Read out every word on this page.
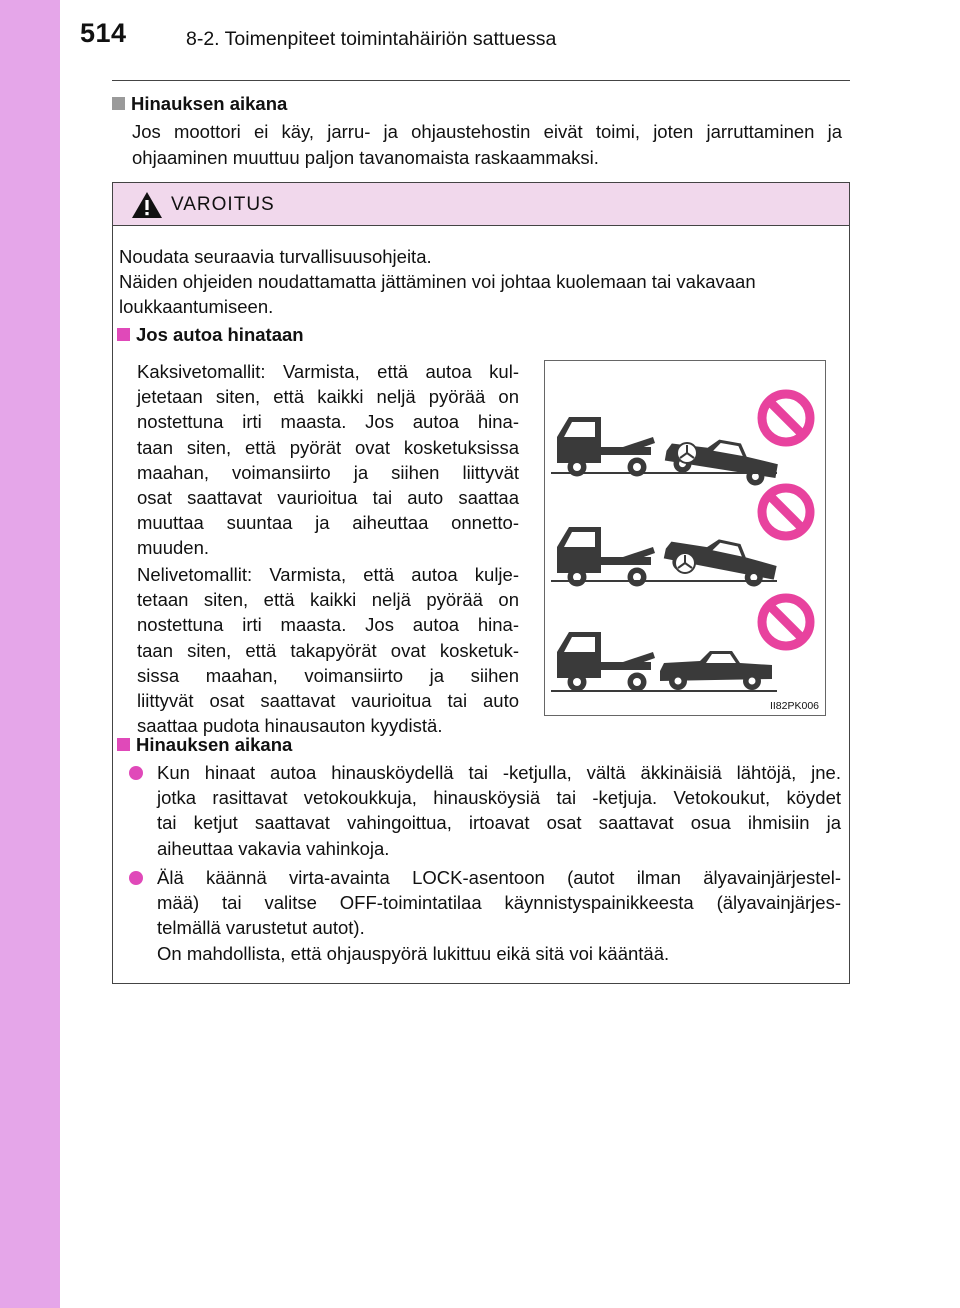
514	8-2. Toimenpiteet toimintahäiriön sattuessa
Hinauksen aikana
Jos moottori ei käy, jarru- ja ohjaustehostin eivät toimi, joten jarruttaminen ja ohjaaminen muuttuu paljon tavanomaista raskaammaksi.
VAROITUS
Noudata seuraavia turvallisuusohjeita.
Näiden ohjeiden noudattamatta jättäminen voi johtaa kuolemaan tai vakavaan
loukkaantumiseen.
Jos autoa hinataan
Kaksivetomallit: Varmista, että autoa kul-
jetetaan siten, että kaikki neljä pyörää on
nostettuna irti maasta. Jos autoa hina-
taan siten, että pyörät ovat kosketuksissa
maahan, voimansiirto ja siihen liittyvät
osat saattavat vaurioitua tai auto saattaa
muuttaa suuntaa ja aiheuttaa onnetto-
muuden.
Nelivetomallit: Varmista, että autoa kulje-
tetaan siten, että kaikki neljä pyörää on
nostettuna irti maasta. Jos autoa hina-
taan siten, että takapyörät ovat kosketuk-
sissa maahan, voimansiirto ja siihen
liittyvät osat saattavat vaurioitua tai auto
saattaa pudota hinausauton kyydistä.
II82PK006
Hinauksen aikana
Kun hinaat autoa hinausköydellä tai -ketjulla, vältä äkkinäisiä lähtöjä, jne.
jotka rasittavat vetokoukkuja, hinausköysiä tai -ketjuja. Vetokoukut, köydet
tai ketjut saattavat vahingoittua, irtoavat osat saattavat osua ihmisiin ja
aiheuttaa vakavia vahinkoja.
Älä käännä virta-avainta LOCK-asentoon (autot ilman älyavainjärjestel-
mää) tai valitse OFF-toimintatilaa käynnistyspainikkeesta (älyavainjärjes-
telmällä varustetut autot).
On mahdollista, että ohjauspyörä lukittuu eikä sitä voi kääntää.
